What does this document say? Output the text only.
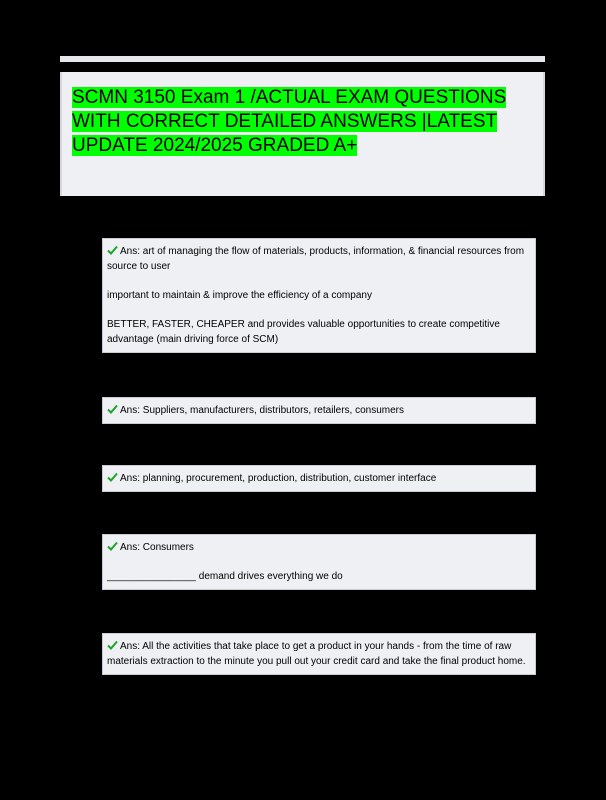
SCMN 3150 Exam 1 /ACTUAL EXAM QUESTIONS WITH CORRECT DETAILED ANSWERS |LATEST UPDATE 2024/2025 GRADED A+

Ans: art of managing the flow of materials, products, information, & financial resources from source to user

important to maintain & improve the efficiency of a company

BETTER, FASTER, CHEAPER and provides valuable opportunities to create competitive advantage (main driving force of SCM)

Ans: Suppliers, manufacturers, distributors, retailers, consumers

Ans: planning, procurement, production, distribution, customer interface

Ans: Consumers

________________ demand drives everything we do

Ans: All the activities that take place to get a product in your hands - from the time of raw materials extraction to the minute you pull out your credit card and take the final product home.
